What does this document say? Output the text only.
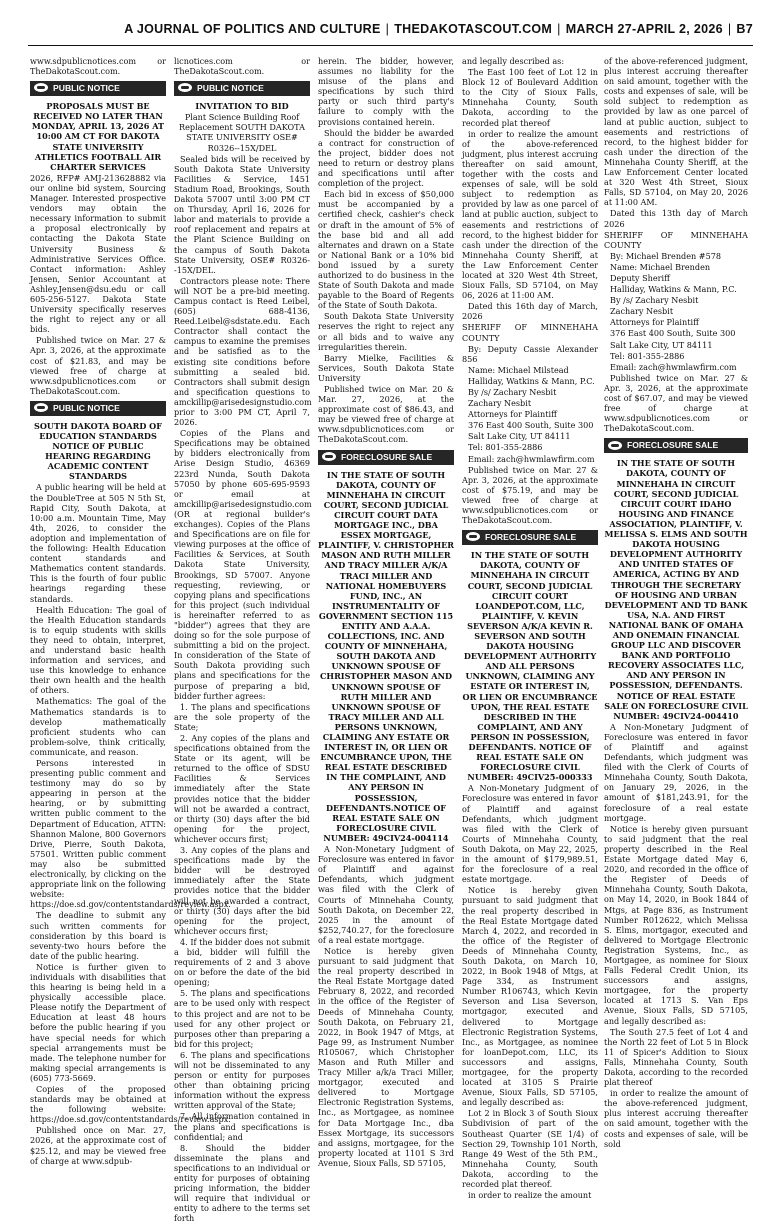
A JOURNAL OF POLITICS AND CULTURE | THEDAKOTASCOUT.COM | MARCH 27-APRIL 2, 2026 | B7

www.sdpublicnotices.com or TheDakotaScout.com.

PUBLIC NOTICE

PROPOSALS MUST BE RECEIVED NO LATER THAN MONDAY, APRIL 13, 2026 AT 10:00 AM CT FOR DAKOTA STATE UNIVERSITY ATHLETICS FOOTBALL AIR CHARTER SERVICES

2026, RFP# AMJ-213628882 via our online bid system, Sourcing Manager. Interested prospective vendors may obtain the necessary information to submit a proposal electronically by contacting the Dakota State University Business & Administrative Services Office. Contact information: Ashley Jensen, Senior Accountant at Ashley.Jensen@dsu.edu or call 605-256-5127. Dakota State University specifically reserves the right to reject any or all bids.

Published twice on Mar. 27 & Apr. 3, 2026, at the approximate cost of $21.83, and may be viewed free of charge at www.sdpublicnotices.com or TheDakotaScout.com.

PUBLIC NOTICE

SOUTH DAKOTA BOARD OF EDUCATION STANDARDS NOTICE OF PUBLIC HEARING REGARDING ACADEMIC CONTENT STANDARDS

A public hearing will be held at the DoubleTree at 505 N 5th St, Rapid City, South Dakota, at 10:00 a.m. Mountain Time, May 4th, 2026, to consider the adoption and implementation of the following: Health Education content standards and Mathematics content standards. This is the fourth of four public hearings regarding these standards.

Health Education: The goal of the Health Education standards is to equip students with skills they need to obtain, interpret, and understand basic health information and services, and use this knowledge to enhance their own health and the health of others.

Mathematics: The goal of the Mathematics standards is to develop mathematically proficient students who can problem-solve, think critically, communicate, and reason.

Persons interested in presenting public comment and testimony may do so by appearing in person at the hearing, or by submitting written public comment to the Department of Education, ATTN: Shannon Malone, 800 Governors Drive, Pierre, South Dakota, 57501. Written public comment may also be submitted electronically, by clicking on the appropriate link on the following website: https://doe.sd.gov/contentstandards/review.aspx.

The deadline to submit any such written comments for consideration by this board is seventy-two hours before the date of the public hearing.

Notice is further given to individuals with disabilities that this hearing is being held in a physically accessible place. Please notify the Department of Education at least 48 hours before the public hearing if you have special needs for which special arrangements must be made. The telephone number for making special arrangements is (605) 773-5669.

Copies of the proposed standards may be obtained at the following website: https://doe.sd.gov/contentstandards/review.aspx.

Published once on Mar. 27, 2026, at the approximate cost of $25.12, and may be viewed free of charge at www.sdpub-

licnotices.com or TheDakotaScout.com.

PUBLIC NOTICE

INVITATION TO BID

Plant Science Building Roof Replacement SOUTH DAKOTA STATE UNIVERSITY OSE# R0326--15X/DEL

Sealed bids will be received by South Dakota State University Facilities & Service, 1451 Stadium Road, Brookings, South Dakota 57007 until 3:00 PM CT on Thursday, April 16, 2026 for labor and materials to provide a roof replacement and repairs at the Plant Science Building on the campus of South Dakota State University, OSE# R0326--15X/DEL.

Contractors please note: There will NOT be a pre-bid meeting. Campus contact is Reed Leibel, (605) 688-4136, Reed.Leibel@sdstate.edu. Each Contractor shall contact the campus to examine the premises and be satisfied as to the existing site conditions before submitting a sealed bid. Contractors shall submit design and specification questions to amckillip@arisedesignstudio.com prior to 3:00 PM CT, April 7, 2026.

Copies of the Plans and Specifications may be obtained by bidders electronically from Arise Design Studio, 46369 223rd Nunda, South Dakota 57050 by phone 605-695-9593 or email at amckillip@arisedesignstudio.com (OR at regional builder's exchanges). Copies of the Plans and Specifications are on file for viewing purposes at the office of Facilities & Services, at South Dakota State University, Brookings, SD 57007. Anyone requesting, reviewing, or copying plans and specifications for this project (such individual is hereinafter referred to as "bidder") agrees that they are doing so for the sole purpose of submitting a bid on the project. In consideration of the State of South Dakota providing such plans and specifications for the purpose of preparing a bid, bidder further agrees:

1. The plans and specifications are the sole property of the State;

2. Any copies of the plans and specifications obtained from the State or its agent, will be returned to the office of SDSU Facilities & Services immediately after the State provides notice that the bidder will not be awarded a contract, or thirty (30) days after the bid opening for the project, whichever occurs first;

3. Any copies of the plans and specifications made by the bidder will be destroyed immediately after the State provides notice that the bidder will not be awarded a contract, or thirty (30) days after the bid opening for the project, whichever occurs first;

4. If the bidder does not submit a bid, bidder will fulfill the requirements of 2 and 3 above on or before the date of the bid opening;

5. The plans and specifications are to be used only with respect to this project and are not to be used for any other project or purposes other than preparing a bid for this project;

6. The plans and specifications will not be disseminated to any person or entity for purposes other than obtaining pricing information without the express written approval of the State;

7. All information contained in the plans and specifications is confidential; and

8. Should the bidder disseminate the plans and specifications to an individual or entity for purposes of obtaining pricing information, the bidder will require that individual or entity to adhere to the terms set forth

herein. The bidder, however, assumes no liability for the misuse of the plans and specifications by such third party or such third party's failure to comply with the provisions contained herein.

Should the bidder be awarded a contract for construction of the project, bidder does not need to return or destroy plans and specifications until after completion of the project.

Each bid in excess of $50,000 must be accompanied by a certified check, cashier's check or draft in the amount of 5% of the base bid and all add alternates and drawn on a State or National Bank or a 10% bid bond issued by a surety authorized to do business in the State of South Dakota and made payable to the Board of Regents of the State of South Dakota.

South Dakota State University reserves the right to reject any or all bids and to waive any irregularities therein.

Barry Mielke, Facilities & Services, South Dakota State University

Published twice on Mar. 20 & Mar. 27, 2026, at the approximate cost of $86.43, and may be viewed free of charge at www.sdpublicnotices.com or TheDakotaScout.com.

FORECLOSURE SALE

IN THE STATE OF SOUTH DAKOTA, COUNTY OF MINNEHAHA IN CIRCUIT COURT, SECOND JUDICIAL CIRCUIT COURT DATA MORTGAGE INC., DBA ESSEX MORTGAGE, PLAINTIFF, V. CHRISTOPHER MASON AND RUTH MILLER AND TRACY MILLER A/K/A TRACI MILLER AND NATIONAL HOMEBUYERS FUND, INC., AN INSTRUMENTALITY OF GOVERNMENT SECTION 115 ENTITY AND A.A.A. COLLECTIONS, INC. AND COUNTY OF MINNEHAHA, SOUTH DAKOTA AND UNKNOWN SPOUSE OF CHRISTOPHER MASON AND UNKNOWN SPOUSE OF RUTH MILLER AND UNKNOWN SPOUSE OF TRACY MILLER AND ALL PERSONS UNKNOWN, CLAIMING ANY ESTATE OR INTEREST IN, OR LIEN OR ENCUMBRANCE UPON, THE REAL ESTATE DESCRIBED IN THE COMPLAINT, AND ANY PERSON IN POSSESSION, DEFENDANTS.NOTICE OF REAL ESTATE SALE ON FORECLOSURE CIVIL NUMBER: 49CIV24-004114

A Non-Monetary Judgment of Foreclosure was entered in favor of Plaintiff and against Defendants, which judgment was filed with the Clerk of Courts of Minnehaha County, South Dakota, on December 22, 2025 in the amount of $252,740.27, for the foreclosure of a real estate mortgage.

Notice is hereby given pursuant to said judgment that the real property described in the Real Estate Mortgage dated February 8, 2022, and recorded in the office of the Register of Deeds of Minnehaha County, South Dakota, on February 21, 2022, in Book 1947 of Mtgs, at Page 99, as Instrument Number R105067, which Christopher Mason and Ruth Miller and Tracy Miller a/k/a Traci Miller, mortgagor, executed and delivered to Mortgage Electronic Registration Systems, Inc., as Mortgagee, as nominee for Data Mortgage Inc., dba Essex Mortgage, its successors and assigns, mortgagee, for the property located at 1101 S 3rd Avenue, Sioux Falls, SD 57105,

and legally described as:

The East 100 feet of Lot 12 in Block 12 of Boulevard Addition to the City of Sioux Falls, Minnehaha County, South Dakota, according to the recorded plat thereof

in order to realize the amount of the above-referenced judgment, plus interest accruing thereafter on said amount, together with the costs and expenses of sale, will be sold subject to redemption as provided by law as one parcel of land at public auction, subject to easements and restrictions of record, to the highest bidder for cash under the direction of the Minnehaha County Sheriff, at the Law Enforcement Center located at 320 West 4th Street, Sioux Falls, SD 57104, on May 06, 2026 at 11:00 AM.

Dated this 16th day of March, 2026

SHERIFF OF MINNEHAHA COUNTY

By: Deputy Cassie Alexander 856

Name: Michael Milstead

Halliday, Watkins & Mann, P.C.

By /s/ Zachary Nesbit

Zachary Nesbit

Attorneys for Plaintiff

376 East 400 South, Suite 300

Salt Lake City, UT 84111

Tel: 801-355-2886

Email: zach@hwmlawfirm.com

Published twice on Mar. 27 & Apr. 3, 2026, at the approximate cost of $75.19, and may be viewed free of charge at www.sdpublicnotices.com or TheDakotaScout.com.

FORECLOSURE SALE

IN THE STATE OF SOUTH DAKOTA, COUNTY OF MINNEHAHA IN CIRCUIT COURT, SECOND JUDICIAL CIRCUIT COURT LOANDEPOT.COM, LLC, PLAINTIFF, V. KEVIN SEVERSON A/K/A KEVIN R. SEVERSON AND SOUTH DAKOTA HOUSING DEVELOPMENT AUTHORITY AND ALL PERSONS UNKNOWN, CLAIMING ANY ESTATE OR INTEREST IN, OR LIEN OR ENCUMBRANCE UPON, THE REAL ESTATE DESCRIBED IN THE COMPLAINT, AND ANY PERSON IN POSSESSION, DEFENDANTS. NOTICE OF REAL ESTATE SALE ON FORECLOSURE CIVIL NUMBER: 49CIV25-000333

A Non-Monetary Judgment of Foreclosure was entered in favor of Plaintiff and against Defendants, which judgment was filed with the Clerk of Courts of Minnehaha County, South Dakota, on May 22, 2025, in the amount of $179,989.51, for the foreclosure of a real estate mortgage.

Notice is hereby given pursuant to said judgment that the real property described in the Real Estate Mortgage dated March 4, 2022, and recorded in the office of the Register of Deeds of Minnehaha County, South Dakota, on March 10, 2022, in Book 1948 of Mtgs, at Page 334, as Instrument Number R106743, which Kevin Severson and Lisa Severson, mortgagor, executed and delivered to Mortgage Electronic Registration Systems, Inc., as Mortgagee, as nominee for loanDepot.com, LLC, its successors and assigns, mortgagee, for the property located at 3105 S Prairie Avenue, Sioux Falls, SD 57105, and legally described as:

Lot 2 in Block 3 of South Sioux Subdivision of part of the Southeast Quarter (SE 1/4) of Section 29, Township 101 North, Range 49 West of the 5th P.M., Minnehaha County, South Dakota, according to the recorded plat thereof.

in order to realize the amount

of the above-referenced judgment, plus interest accruing thereafter on said amount, together with the costs and expenses of sale, will be sold subject to redemption as provided by law as one parcel of land at public auction, subject to easements and restrictions of record, to the highest bidder for cash under the direction of the Minnehaha County Sheriff, at the Law Enforcement Center located at 320 West 4th Street, Sioux Falls, SD 57104, on May 20, 2026 at 11:00 AM.

Dated this 13th day of March 2026

SHERIFF OF MINNEHAHA COUNTY

By: Michael Brenden #578

Name: Michael Brenden

Deputy Sheriff

Halliday, Watkins & Mann, P.C.

By /s/ Zachary Nesbit

Zachary Nesbit

Attorneys for Plaintiff

376 East 400 South, Suite 300

Salt Lake City, UT 84111

Tel: 801-355-2886

Email: zach@hwmlawfirm.com

Published twice on Mar. 27 & Apr. 3, 2026, at the approximate cost of $67.07, and may be viewed free of charge at www.sdpublicnotices.com or TheDakotaScout.com.

FORECLOSURE SALE

IN THE STATE OF SOUTH DAKOTA, COUNTY OF MINNEHAHA IN CIRCUIT COURT, SECOND JUDICIAL CIRCUIT COURT IDAHO HOUSING AND FINANCE ASSOCIATION, PLAINTIFF, V. MELISSA S. ELMS AND SOUTH DAKOTA HOUSING DEVELOPMENT AUTHORITY AND UNITED STATES OF AMERICA, ACTING BY AND THROUGH THE SECRETARY OF HOUSING AND URBAN DEVELOPMENT AND TD BANK USA, N.A. AND FIRST NATIONAL BANK OF OMAHA AND ONEMAIN FINANCIAL GROUP LLC AND DISCOVER BANK AND PORTFOLIO RECOVERY ASSOCIATES LLC, AND ANY PERSON IN POSSESSION, DEFENDANTS. NOTICE OF REAL ESTATE SALE ON FORECLOSURE CIVIL NUMBER: 49CIV24-004410

A Non-Monetary Judgment of Foreclosure was entered in favor of Plaintiff and against Defendants, which judgment was filed with the Clerk of Courts of Minnehaha County, South Dakota, on January 29, 2026, in the amount of $181,243.91, for the foreclosure of a real estate mortgage.

Notice is hereby given pursuant to said judgment that the real property described in the Real Estate Mortgage dated May 6, 2020, and recorded in the office of the Register of Deeds of Minnehaha County, South Dakota, on May 14, 2020, in Book 1844 of Mtgs, at Page 836, as Instrument Number R012622, which Melissa S. Elms, mortgagor, executed and delivered to Mortgage Electronic Registration Systems, Inc., as Mortgagee, as nominee for Sioux Falls Federal Credit Union, its successors and assigns, mortgagee, for the property located at 1713 S. Van Eps Avenue, Sioux Falls, SD 57105, and legally described as:

The South 27.5 feet of Lot 4 and the North 22 feet of Lot 5 in Block 11 of Spicer's Addition to Sioux Falls, Minnehaha County, South Dakota, according to the recorded plat thereof

in order to realize the amount of the above-referenced judgment, plus interest accruing thereafter on said amount, together with the costs and expenses of sale, will be sold
